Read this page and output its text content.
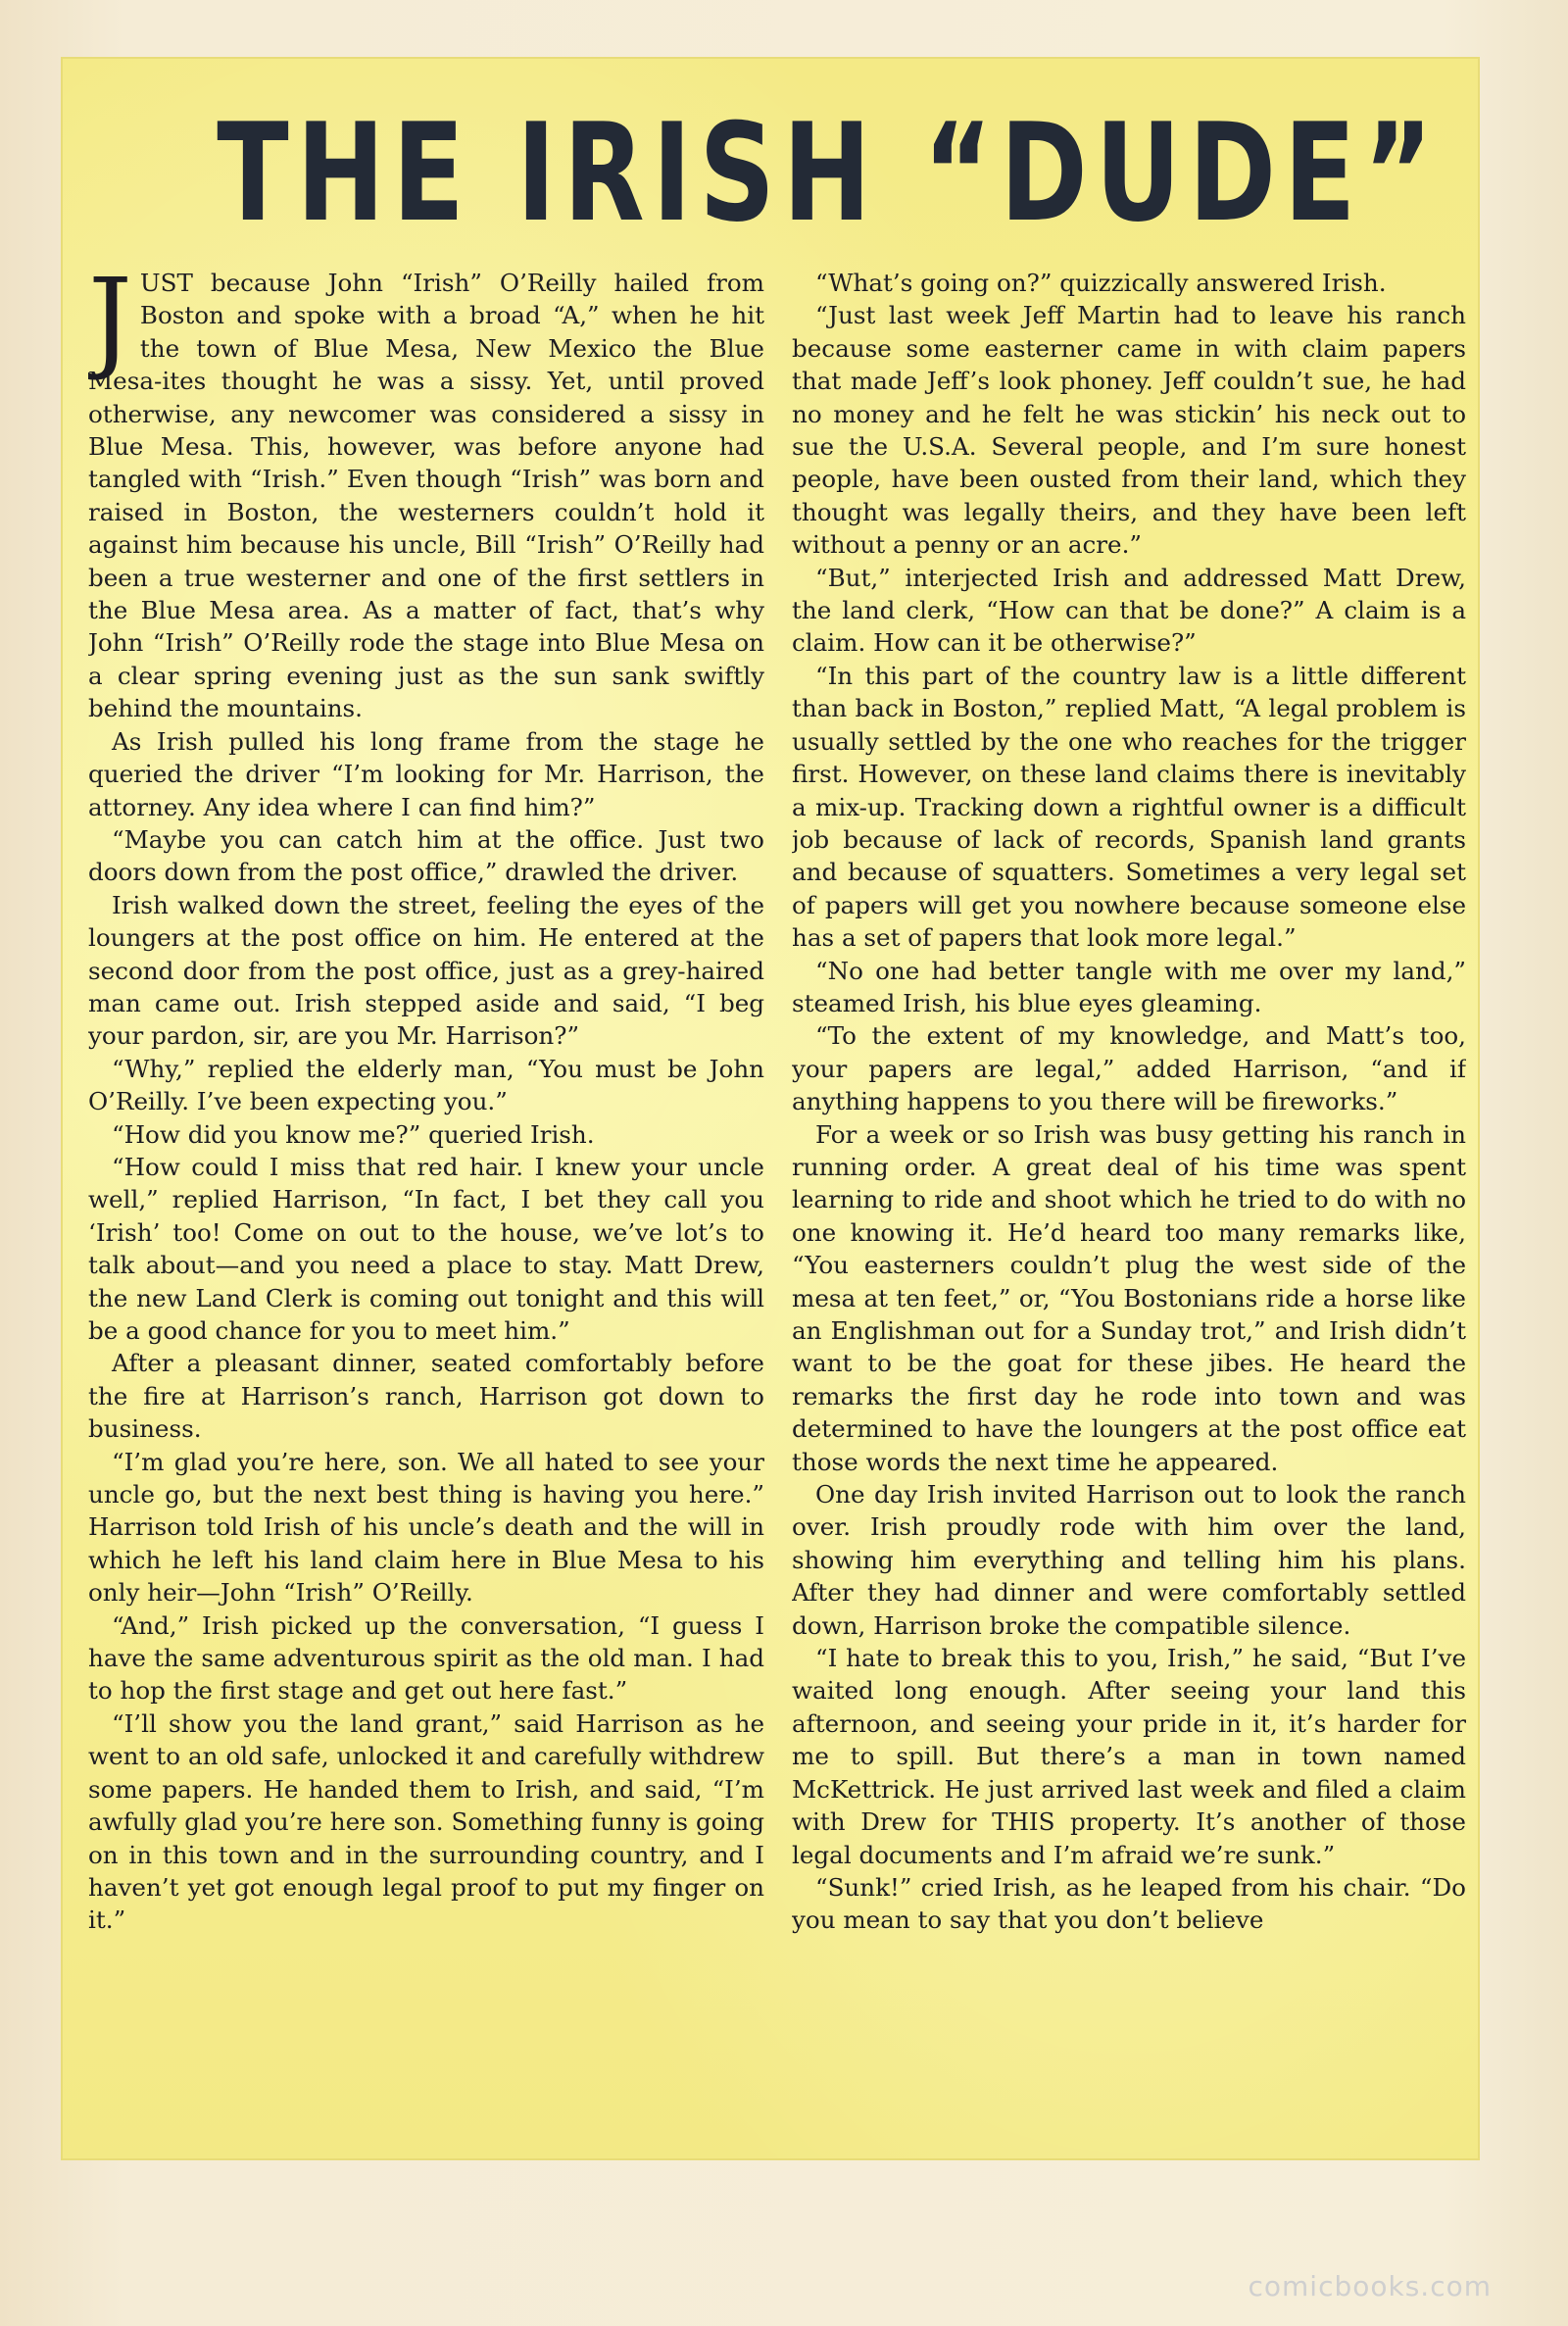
THE IRISH “DUDE”

JUST because John “Irish” O’Reilly hailed from Boston and spoke with a broad “A,” when he hit the town of Blue Mesa, New Mexico the Blue Mesa-ites thought he was a sissy. Yet, until proved otherwise, any newcomer was considered a sissy in Blue Mesa. This, however, was before anyone had tangled with “Irish.” Even though “Irish” was born and raised in Boston, the westerners couldn’t hold it against him because his uncle, Bill “Irish” O’Reilly had been a true westerner and one of the first settlers in the Blue Mesa area. As a matter of fact, that’s why John “Irish” O’Reilly rode the stage into Blue Mesa on a clear spring evening just as the sun sank swiftly behind the mountains.

As Irish pulled his long frame from the stage he queried the driver “I’m looking for Mr. Harrison, the attorney. Any idea where I can find him?”

“Maybe you can catch him at the office. Just two doors down from the post office,” drawled the driver.

Irish walked down the street, feeling the eyes of the loungers at the post office on him. He entered at the second door from the post office, just as a grey-haired man came out. Irish stepped aside and said, “I beg your pardon, sir, are you Mr. Harrison?”

“Why,” replied the elderly man, “You must be John O’Reilly. I’ve been expecting you.”

“How did you know me?” queried Irish.

“How could I miss that red hair. I knew your uncle well,” replied Harrison, “In fact, I bet they call you ‘Irish’ too! Come on out to the house, we’ve lot’s to talk about—and you need a place to stay. Matt Drew, the new Land Clerk is coming out tonight and this will be a good chance for you to meet him.”

After a pleasant dinner, seated comfortably before the fire at Harrison’s ranch, Harrison got down to business.

“I’m glad you’re here, son. We all hated to see your uncle go, but the next best thing is having you here.” Harrison told Irish of his uncle’s death and the will in which he left his land claim here in Blue Mesa to his only heir—John “Irish” O’Reilly.

“And,” Irish picked up the conversation, “I guess I have the same adventurous spirit as the old man. I had to hop the first stage and get out here fast.”

“I’ll show you the land grant,” said Harrison as he went to an old safe, unlocked it and carefully withdrew some papers. He handed them to Irish, and said, “I’m awfully glad you’re here son. Something funny is going on in this town and in the surrounding country, and I haven’t yet got enough legal proof to put my finger on it.”

“What’s going on?” quizzically answered Irish.

“Just last week Jeff Martin had to leave his ranch because some easterner came in with claim papers that made Jeff’s look phoney. Jeff couldn’t sue, he had no money and he felt he was stickin’ his neck out to sue the U.S.A. Several people, and I’m sure honest people, have been ousted from their land, which they thought was legally theirs, and they have been left without a penny or an acre.”

“But,” interjected Irish and addressed Matt Drew, the land clerk, “How can that be done?” A claim is a claim. How can it be otherwise?”

“In this part of the country law is a little different than back in Boston,” replied Matt, “A legal problem is usually settled by the one who reaches for the trigger first. However, on these land claims there is inevitably a mix-up. Tracking down a rightful owner is a difficult job because of lack of records, Spanish land grants and because of squatters. Sometimes a very legal set of papers will get you nowhere because someone else has a set of papers that look more legal.”

“No one had better tangle with me over my land,” steamed Irish, his blue eyes gleaming.

“To the extent of my knowledge, and Matt’s too, your papers are legal,” added Harrison, “and if anything happens to you there will be fireworks.”

For a week or so Irish was busy getting his ranch in running order. A great deal of his time was spent learning to ride and shoot which he tried to do with no one knowing it. He’d heard too many remarks like, “You easterners couldn’t plug the west side of the mesa at ten feet,” or, “You Bostonians ride a horse like an Englishman out for a Sunday trot,” and Irish didn’t want to be the goat for these jibes. He heard the remarks the first day he rode into town and was determined to have the loungers at the post office eat those words the next time he appeared.

One day Irish invited Harrison out to look the ranch over. Irish proudly rode with him over the land, showing him everything and telling him his plans. After they had dinner and were comfortably settled down, Harrison broke the compatible silence.

“I hate to break this to you, Irish,” he said, “But I’ve waited long enough. After seeing your land this afternoon, and seeing your pride in it, it’s harder for me to spill. But there’s a man in town named McKettrick. He just arrived last week and filed a claim with Drew for THIS property. It’s another of those legal documents and I’m afraid we’re sunk.”

“Sunk!” cried Irish, as he leaped from his chair. “Do you mean to say that you don’t believe

comicbooks.com
